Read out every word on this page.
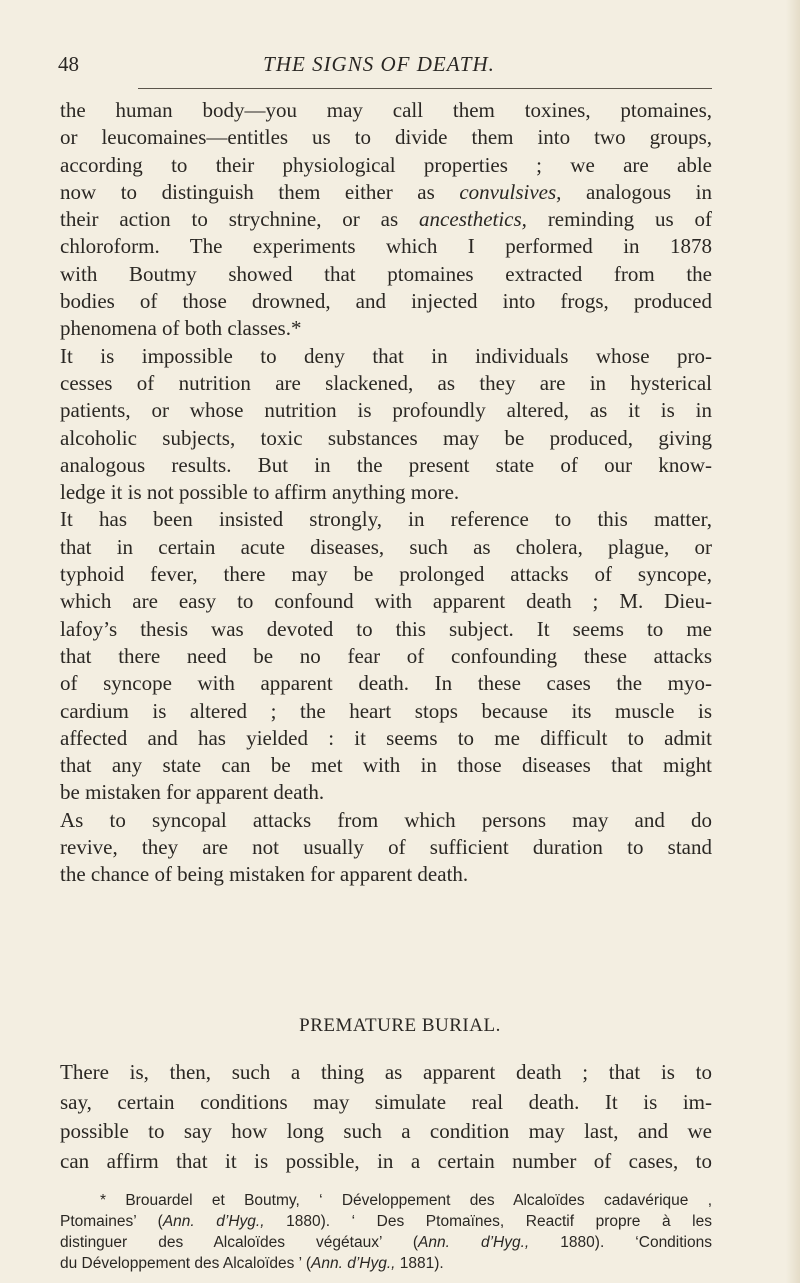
48	THE SIGNS OF DEATH.

the human body—you may call them toxines, ptomaines,

or leucomaines—entitles us to divide them into two groups,

according to their physiological properties ; we are able

now to distinguish them either as convulsives, analogous in

their action to strychnine, or as ancesthetics, reminding us of

chloroform. The experiments which I performed in 1878

with Boutmy showed that ptomaines extracted from the

bodies of those drowned, and injected into frogs, produced

phenomena of both classes.*

It is impossible to deny that in individuals whose pro-

cesses of nutrition are slackened, as they are in hysterical

patients, or whose nutrition is profoundly altered, as it is in

alcoholic subjects, toxic substances may be produced, giving

analogous results. But in the present state of our know-

ledge it is not possible to affirm anything more.

It has been insisted strongly, in reference to this matter,

that in certain acute diseases, such as cholera, plague, or

typhoid fever, there may be prolonged attacks of syncope,

which are easy to confound with apparent death ; M. Dieu-

lafoy’s thesis was devoted to this subject. It seems to me

that there need be no fear of confounding these attacks

of syncope with apparent death. In these cases the myo-

cardium is altered ; the heart stops because its muscle is

affected and has yielded : it seems to me difficult to admit

that any state can be met with in those diseases that might

be mistaken for apparent death.

As to syncopal attacks from which persons may and do

revive, they are not usually of sufficient duration to stand

the chance of being mistaken for apparent death.

PREMATURE BURIAL.

There is, then, such a thing as apparent death ; that is to

say, certain conditions may simulate real death. It is im-

possible to say how long such a condition may last, and we

can affirm that it is possible, in a certain number of cases, to

* Brouardel et Boutmy, ‘ Développement des Alcaloïdes cadavérique ,

Ptomaines’ (Ann. d’Hyg., 1880). ‘ Des Ptomaïnes, Reactif propre à les

distinguer des Alcaloïdes végétaux’ (Ann. d’Hyg., 1880). ‘Conditions

du Développement des Alcaloïdes ’ (Ann. d’Hyg., 1881).
